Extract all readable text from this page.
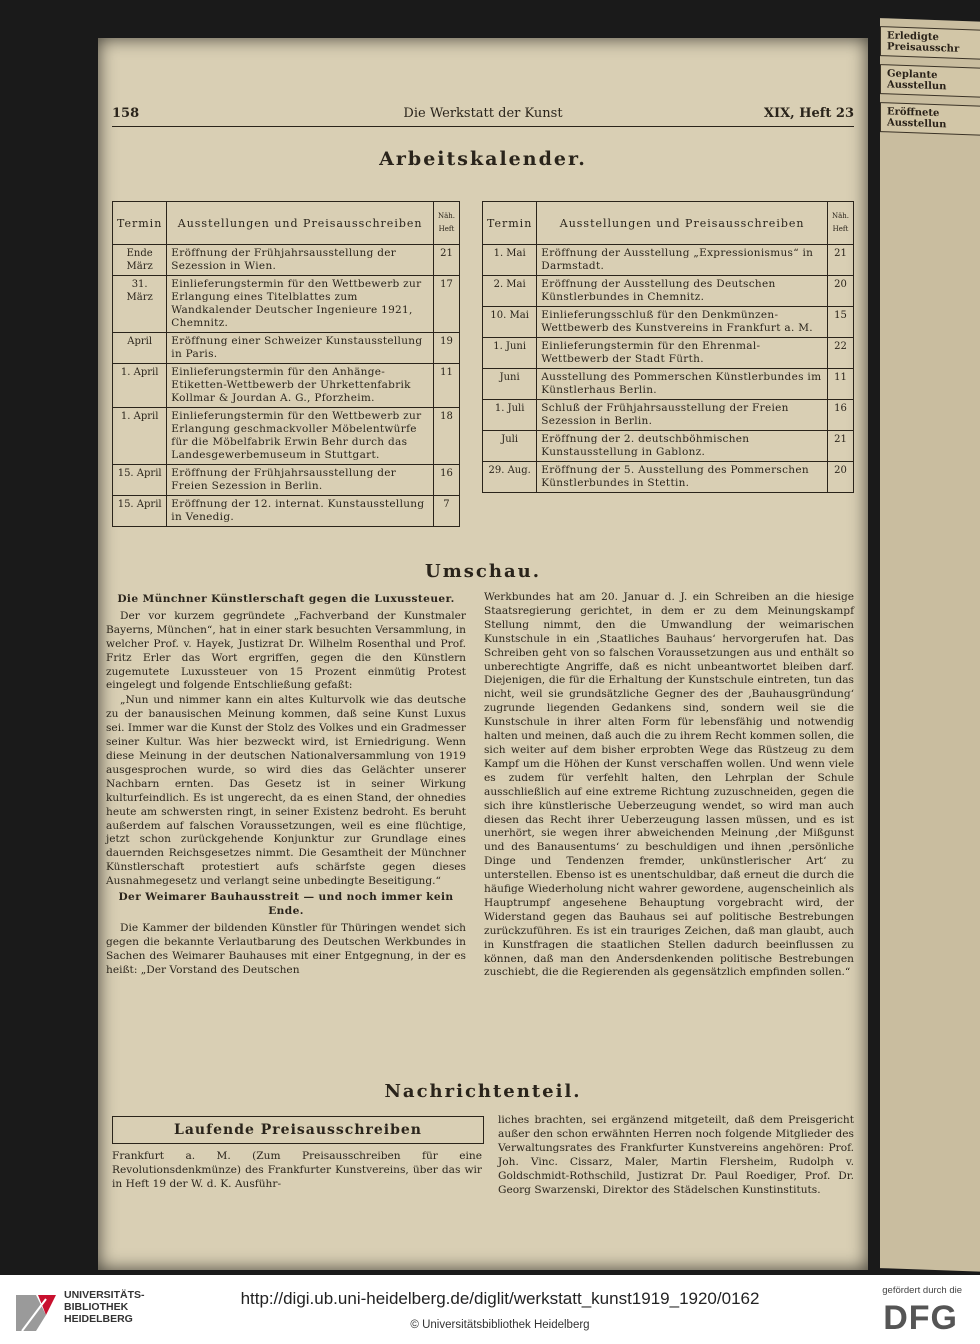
Erledigte Preisausschr
Geplante Ausstellun
Eröffnete Ausstellun
158	Die Werkstatt der Kunst	XIX, Heft 23
Arbeitskalender.
Termin	Ausstellungen und Preisausschreiben	Näh. Heft
Ende März	Eröffnung der Frühjahrsausstellung der Sezession in Wien.	21
31. März	Einlieferungstermin für den Wettbewerb zur Erlangung eines Titelblattes zum Wandkalender Deutscher Ingenieure 1921, Chemnitz.	17
April	Eröffnung einer Schweizer Kunstausstellung in Paris.	19
1. April	Einlieferungstermin für den Anhänge-Etiketten-Wettbewerb der Uhrkettenfabrik Kollmar & Jourdan A. G., Pforzheim.	11
1. April	Einlieferungstermin für den Wettbewerb zur Erlangung geschmackvoller Möbelentwürfe für die Möbelfabrik Erwin Behr durch das Landesgewerbemuseum in Stuttgart.	18
15. April	Eröffnung der Frühjahrsausstellung der Freien Sezession in Berlin.	16
15. April	Eröffnung der 12. internat. Kunstausstellung in Venedig.	7
Termin	Ausstellungen und Preisausschreiben	Näh. Heft
1. Mai	Eröffnung der Ausstellung „Expressionismus“ in Darmstadt.	21
2. Mai	Eröffnung der Ausstellung des Deutschen Künstlerbundes in Chemnitz.	20
10. Mai	Einlieferungsschluß für den Denkmünzen-Wettbewerb des Kunstvereins in Frankfurt a. M.	15
1. Juni	Einlieferungstermin für den Ehrenmal-Wettbewerb der Stadt Fürth.	22
Juni	Ausstellung des Pommerschen Künstlerbundes im Künstlerhaus Berlin.	11
1. Juli	Schluß der Frühjahrsausstellung der Freien Sezession in Berlin.	16
Juli	Eröffnung der 2. deutschböhmischen Kunstausstellung in Gablonz.	21
29. Aug.	Eröffnung der 5. Ausstellung des Pommerschen Künstlerbundes in Stettin.	20
Umschau.

Die Münchner Künstlerschaft gegen die Luxussteuer.

Der vor kurzem gegründete „Fachverband der Kunstmaler Bayerns, München“, hat in einer stark besuchten Versammlung, in welcher Prof. v. Hayek, Justizrat Dr. Wilhelm Rosenthal und Prof. Fritz Erler das Wort ergriffen, gegen die den Künstlern zugemutete Luxussteuer von 15 Prozent einmütig Protest eingelegt und folgende Entschließung gefaßt:

„Nun und nimmer kann ein altes Kulturvolk wie das deutsche zu der banausischen Meinung kommen, daß seine Kunst Luxus sei. Immer war die Kunst der Stolz des Volkes und ein Gradmesser seiner Kultur. Was hier bezweckt wird, ist Erniedrigung. Wenn diese Meinung in der deutschen Nationalversammlung von 1919 ausgesprochen wurde, so wird dies das Gelächter unserer Nachbarn ernten. Das Gesetz ist in seiner Wirkung kulturfeindlich. Es ist ungerecht, da es einen Stand, der ohnedies heute am schwersten ringt, in seiner Existenz bedroht. Es beruht außerdem auf falschen Voraussetzungen, weil es eine flüchtige, jetzt schon zurückgehende Konjunktur zur Grundlage eines dauernden Reichsgesetzes nimmt. Die Gesamtheit der Münchner Künstlerschaft protestiert aufs schärfste gegen dieses Ausnahmegesetz und verlangt seine unbedingte Beseitigung.“

Der Weimarer Bauhausstreit — und noch immer kein Ende.

Die Kammer der bildenden Künstler für Thüringen wendet sich gegen die bekannte Verlautbarung des Deutschen Werkbundes in Sachen des Weimarer Bauhauses mit einer Entgegnung, in der es heißt: „Der Vorstand des Deutschen

Werkbundes hat am 20. Januar d. J. ein Schreiben an die hiesige Staatsregierung gerichtet, in dem er zu dem Meinungskampf Stellung nimmt, den die Umwandlung der weimarischen Kunstschule in ein ‚Staatliches Bauhaus‘ hervorgerufen hat. Das Schreiben geht von so falschen Voraussetzungen aus und enthält so unberechtigte Angriffe, daß es nicht unbeantwortet bleiben darf. Diejenigen, die für die Erhaltung der Kunstschule eintreten, tun das nicht, weil sie grundsätzliche Gegner des der ‚Bauhausgründung‘ zugrunde liegenden Gedankens sind, sondern weil sie die Kunstschule in ihrer alten Form für lebensfähig und notwendig halten und meinen, daß auch die zu ihrem Recht kommen sollen, die sich weiter auf dem bisher erprobten Wege das Rüstzeug zu dem Kampf um die Höhen der Kunst verschaffen wollen. Und wenn viele es zudem für verfehlt halten, den Lehrplan der Schule ausschließlich auf eine extreme Richtung zuzuschneiden, gegen die sich ihre künstlerische Ueberzeugung wendet, so wird man auch diesen das Recht ihrer Ueberzeugung lassen müssen, und es ist unerhört, sie wegen ihrer abweichenden Meinung ‚der Mißgunst und des Banausentums‘ zu beschuldigen und ihnen ‚persönliche Dinge und Tendenzen fremder, unkünstlerischer Art‘ zu unterstellen. Ebenso ist es unentschuldbar, daß erneut die durch die häufige Wiederholung nicht wahrer gewordene, augenscheinlich als Hauptrumpf angesehene Behauptung vorgebracht wird, der Widerstand gegen das Bauhaus sei auf politische Bestrebungen zurückzuführen. Es ist ein trauriges Zeichen, daß man glaubt, auch in Kunstfragen die staatlichen Stellen dadurch beeinflussen zu können, daß man den Andersdenkenden politische Bestrebungen zuschiebt, die die Regierenden als gegensätzlich empfinden sollen.“

Nachrichtenteil.
Laufende Preisausschreiben

Frankfurt a. M. (Zum Preisausschreiben für eine Revolutionsdenkmünze) des Frankfurter Kunstvereins, über das wir in Heft 19 der W. d. K. Ausführ-

liches brachten, sei ergänzend mitgeteilt, daß dem Preisgericht außer den schon erwähnten Herren noch folgende Mitglieder des Verwaltungsrates des Frankfurter Kunstvereins angehören: Prof. Joh. Vinc. Cissarz, Maler, Martin Flersheim, Rudolph v. Goldschmidt-Rothschild, Justizrat Dr. Paul Roediger, Prof. Dr. Georg Swarzenski, Direktor des Städelschen Kunstinstituts.

UNIVERSITÄTS-
BIBLIOTHEK
HEIDELBERG
http://digi.ub.uni-heidelberg.de/diglit/werkstatt_kunst1919_1920/0162
© Universitätsbibliothek Heidelberg
gefördert durch die
DFG
